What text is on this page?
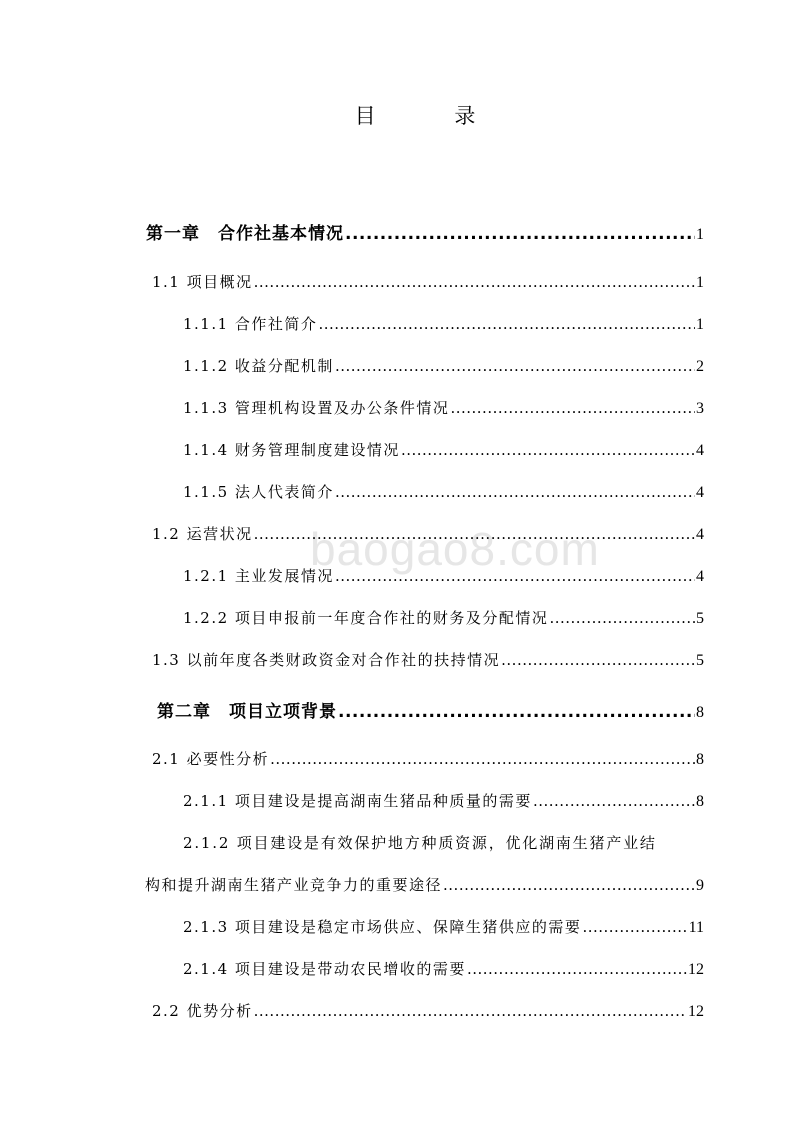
目 录
baogao8.com
第一章　合作社基本情况 .....	1
1.1 项目概况 .....	1
1.1.1 合作社简介 .....	1
1.1.2 收益分配机制 .....	2
1.1.3 管理机构设置及办公条件情况 .....	3
1.1.4 财务管理制度建设情况 .....	4
1.1.5 法人代表简介 .....	4
1.2 运营状况 .....	4
1.2.1 主业发展情况 .....	4
1.2.2 项目申报前一年度合作社的财务及分配情况 .....	5
1.3 以前年度各类财政资金对合作社的扶持情况 .....	5
第二章　项目立项背景 .....	8
2.1 必要性分析 .....	8
2.1.1 项目建设是提高湖南生猪品种质量的需要 .....	8
2.1.2 项目建设是有效保护地方种质资源，优化湖南生猪产业结
构和提升湖南生猪产业竞争力的重要途径 .....	9
2.1.3 项目建设是稳定市场供应、保障生猪供应的需要 .....	11
2.1.4 项目建设是带动农民增收的需要 .....	12
2.2 优势分析 .....	12
